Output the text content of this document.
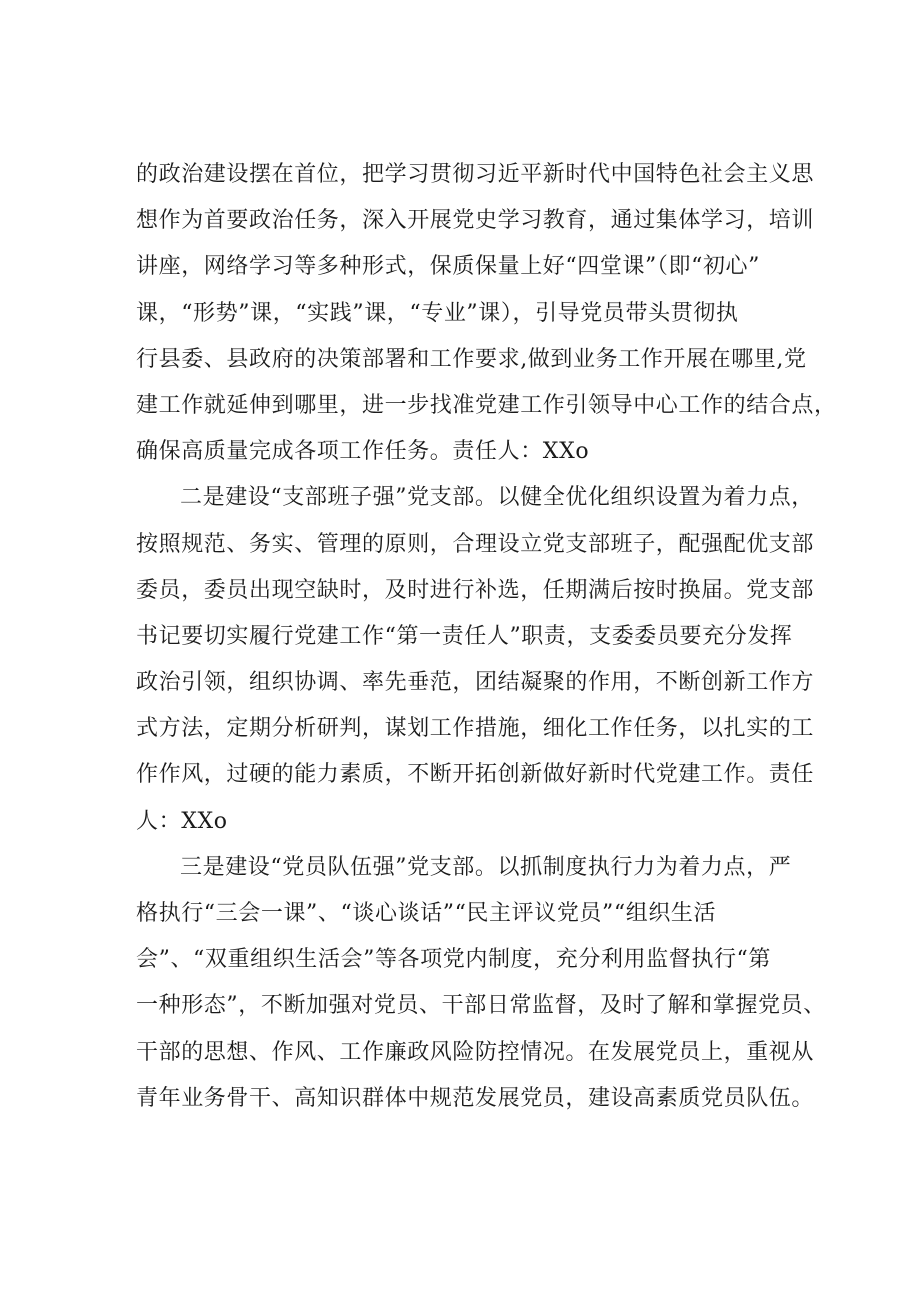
的政治建设摆在首位，把学习贯彻习近平新时代中国特色社会主义思
想作为首要政治任务，深入开展党史学习教育，通过集体学习，培训
讲座，网络学习等多种形式，保质保量上好“四堂课”（即“初心”
课，“形势”课，“实践”课，“专业”课），引导党员带头贯彻执
行县委、县政府的决策部署和工作要求,做到业务工作开展在哪里,党
建工作就延伸到哪里，进一步找准党建工作引领导中心工作的结合点，
确保高质量完成各项工作任务。责任人：XXo
二是建设“支部班子强”党支部。以健全优化组织设置为着力点，
按照规范、务实、管理的原则，合理设立党支部班子，配强配优支部
委员，委员出现空缺时，及时进行补选，任期满后按时换届。党支部
书记要切实履行党建工作“第一责任人”职责，支委委员要充分发挥
政治引领，组织协调、率先垂范，团结凝聚的作用，不断创新工作方
式方法，定期分析研判，谋划工作措施，细化工作任务，以扎实的工
作作风，过硬的能力素质，不断开拓创新做好新时代党建工作。责任
人：XXo
三是建设“党员队伍强”党支部。以抓制度执行力为着力点，严
格执行“三会一课”、“谈心谈话”“民主评议党员”“组织生活
会”、“双重组织生活会”等各项党内制度，充分利用监督执行“第
一种形态”，不断加强对党员、干部日常监督，及时了解和掌握党员、
干部的思想、作风、工作廉政风险防控情况。在发展党员上，重视从
青年业务骨干、高知识群体中规范发展党员，建设高素质党员队伍。
